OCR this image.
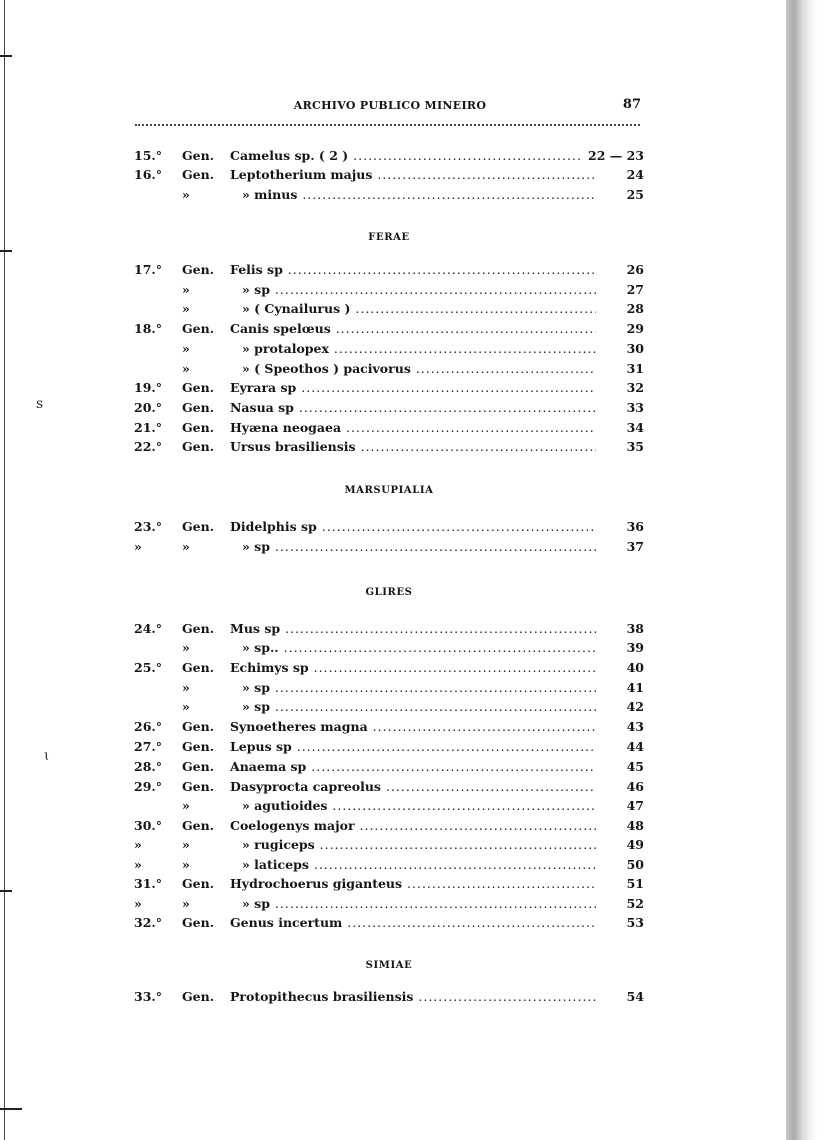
ꜱ
ɩ
ARCHIVO PUBLICO MINEIRO	87
FERAE
MARSUPIALIA
GLIRES
SIMIAE
15.°	Gen. Camelus sp. ( 2 ) .....	22 — 23
16.°	Gen. Leptotherium majus .....	24
»	» minus .....	25
17.°	Gen. Felis sp .....	26
»	» sp .....	27
»	» ( Cynailurus ) .....	28
18.°	Gen. Canis spelœus .....	29
»	» protalopex .....	30
»	» ( Speothos ) pacivorus .....	31
19.°	Gen. Eyrara sp .....	32
20.°	Gen. Nasua sp .....	33
21.°	Gen. Hyæna neogaea .....	34
22.°	Gen. Ursus brasiliensis .....	35
23.°	Gen. Didelphis sp .....	36
»	»	» sp .....	37
24.°	Gen. Mus sp .....	38
»	» sp.. .....	39
25.°	Gen. Echimys sp .....	40
»	» sp .....	41
»	» sp .....	42
26.°	Gen. Synoetheres magna .....	43
27.°	Gen. Lepus sp .....	44
28.°	Gen. Anaema sp .....	45
29.°	Gen. Dasyprocta capreolus .....	46
»	» agutioides .....	47
30.°	Gen. Coelogenys major .....	48
»	»	» rugiceps .....	49
»	»	» laticeps .....	50
31.°	Gen. Hydrochoerus giganteus .....	51
»	»	» sp .....	52
32.°	Gen. Genus incertum .....	53
33.°	Gen. Protopithecus brasiliensis .....	54
